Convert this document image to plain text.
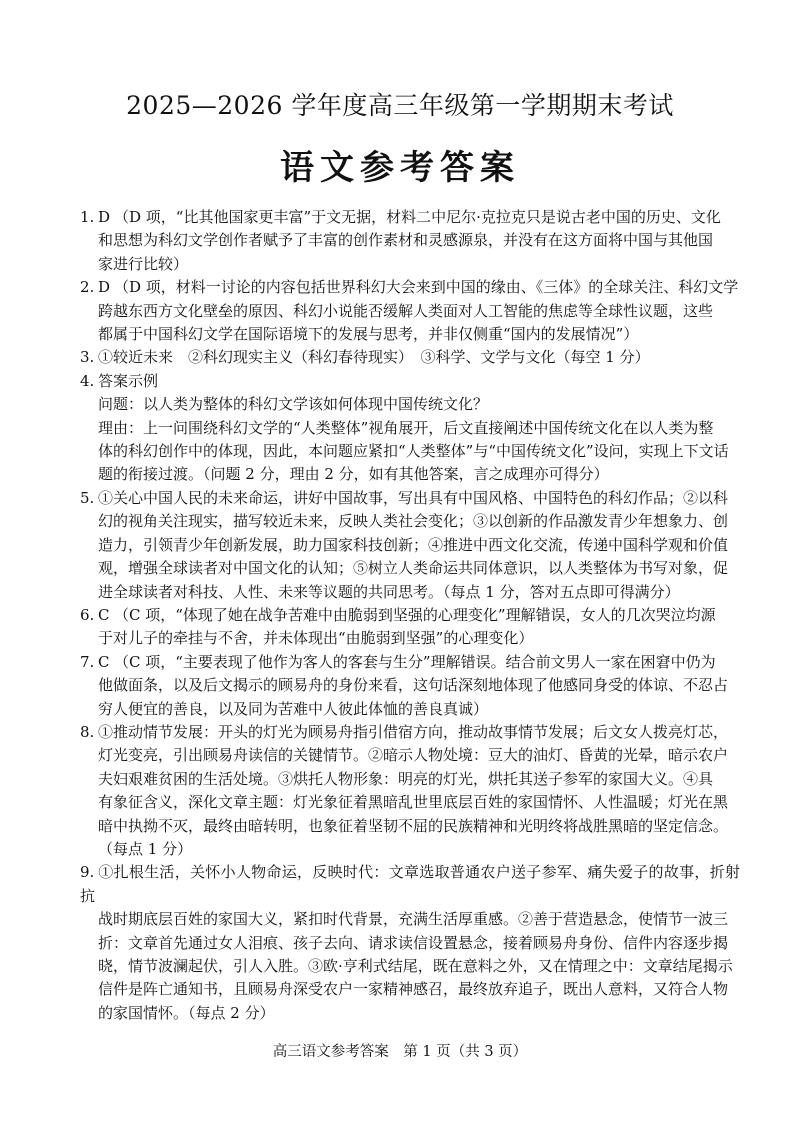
2025—2026 学年度高三年级第一学期期末考试
语文参考答案
1. D （D 项，“比其他国家更丰富”于文无据，材料二中尼尔·克拉克只是说古老中国的历史、文化
和思想为科幻文学创作者赋予了丰富的创作素材和灵感源泉，并没有在这方面将中国与其他国
家进行比较）
2. D （D 项，材料一讨论的内容包括世界科幻大会来到中国的缘由、《三体》的全球关注、科幻文学
跨越东西方文化壁垒的原因、科幻小说能否缓解人类面对人工智能的焦虑等全球性议题，这些
都属于中国科幻文学在国际语境下的发展与思考，并非仅侧重“国内的发展情况”）
3. ①较近未来　②科幻现实主义（科幻春待现实）　③科学、文学与文化（每空 1 分）
4. 答案示例
问题：以人类为整体的科幻文学该如何体现中国传统文化？
理由：上一问围绕科幻文学的“人类整体”视角展开，后文直接阐述中国传统文化在以人类为整
体的科幻创作中的体现，因此，本问题应紧扣“人类整体”与“中国传统文化”设问，实现上下文话
题的衔接过渡。（问题 2 分，理由 2 分，如有其他答案，言之成理亦可得分）
5. ①关心中国人民的未来命运，讲好中国故事，写出具有中国风格、中国特色的科幻作品；②以科
幻的视角关注现实，描写较近未来，反映人类社会变化；③以创新的作品激发青少年想象力、创
造力，引领青少年创新发展，助力国家科技创新；④推进中西文化交流，传递中国科学观和价值
观，增强全球读者对中国文化的认知；⑤树立人类命运共同体意识，以人类整体为书写对象，促
进全球读者对科技、人性、未来等议题的共同思考。（每点 1 分，答对五点即可得满分）
6. C （C 项，“体现了她在战争苦难中由脆弱到坚强的心理变化”理解错误，女人的几次哭泣均源
于对儿子的牵挂与不舍，并未体现出“由脆弱到坚强”的心理变化）
7. C （C 项，“主要表现了他作为客人的客套与生分”理解错误。结合前文男人一家在困窘中仍为
他做面条，以及后文揭示的顾易舟的身份来看，这句话深刻地体现了他感同身受的体谅、不忍占
穷人便宜的善良，以及同为苦难中人彼此体恤的善良真诚）
8. ①推动情节发展：开头的灯光为顾易舟指引借宿方向，推动故事情节发展；后文女人拨亮灯芯，
灯光变亮，引出顾易舟读信的关键情节。②暗示人物处境：豆大的油灯、昏黄的光晕，暗示农户
夫妇艰难贫困的生活处境。③烘托人物形象：明亮的灯光，烘托其送子参军的家国大义。④具
有象征含义，深化文章主题：灯光象征着黑暗乱世里底层百姓的家国情怀、人性温暖；灯光在黑
暗中执拗不灭，最终由暗转明，也象征着坚韧不屈的民族精神和光明终将战胜黑暗的坚定信念。
（每点 1 分）
9. ①扎根生活，关怀小人物命运，反映时代：文章选取普通农户送子参军、痛失爱子的故事，折射抗
战时期底层百姓的家国大义，紧扣时代背景，充满生活厚重感。②善于营造悬念，使情节一波三
折：文章首先通过女人泪痕、孩子去向、请求读信设置悬念，接着顾易舟身份、信件内容逐步揭
晓，情节波澜起伏，引人入胜。③欧·亨利式结尾，既在意料之外，又在情理之中：文章结尾揭示
信件是阵亡通知书，且顾易舟深受农户一家精神感召，最终放弃追子，既出人意料，又符合人物
的家国情怀。（每点 2 分）
高三语文参考答案　第 1 页（共 3 页）
